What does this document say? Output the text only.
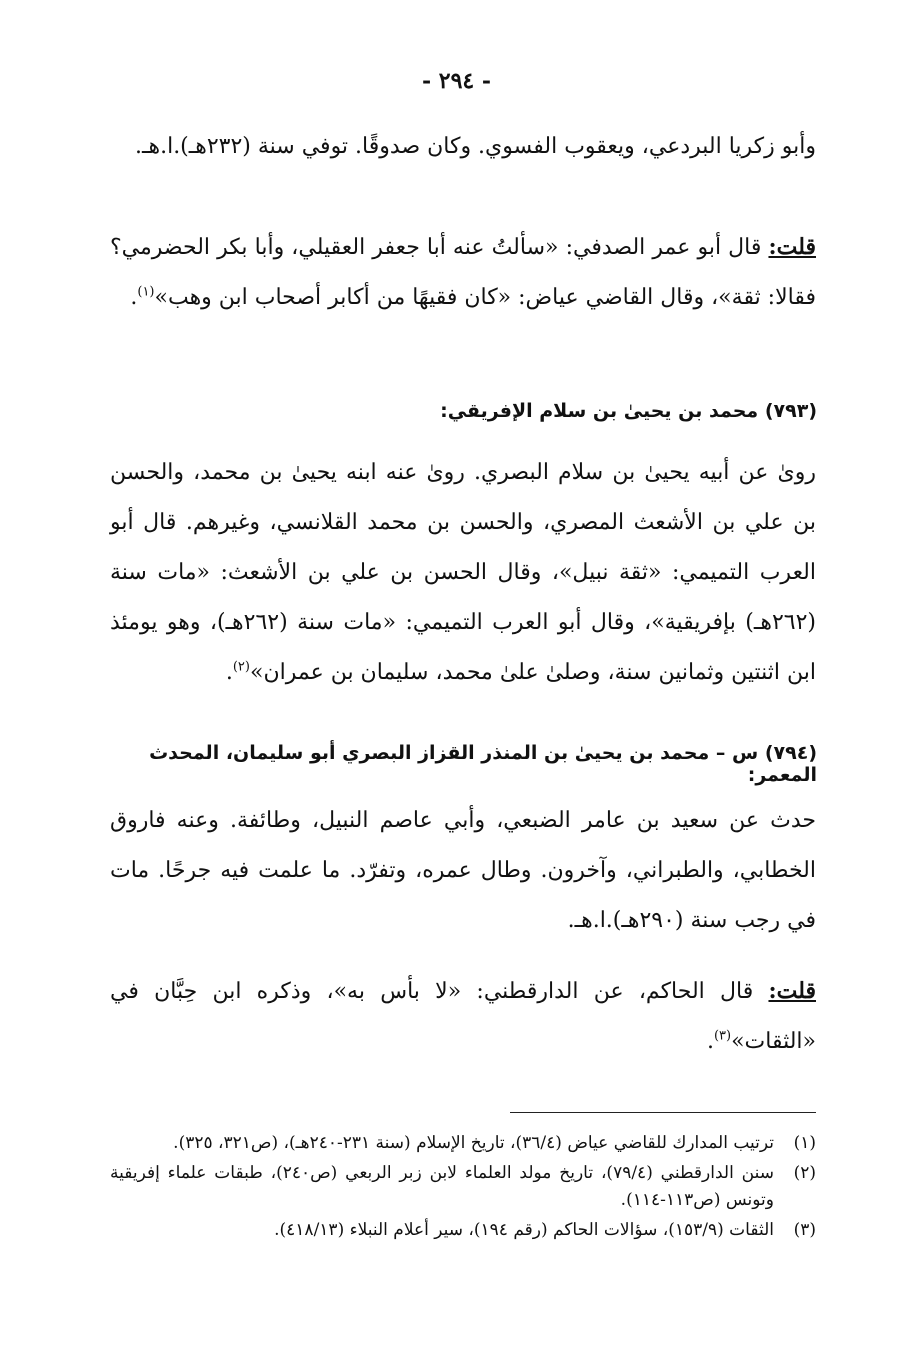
- ٢٩٤ -
وأبو زكريا البردعي، ويعقوب الفسوي. وكان صدوقًا. توفي سنة (٢٣٢هـ).ا.هـ.
قلت: قال أبو عمر الصدفي: «سألتُ عنه أبا جعفر العقيلي، وأبا بكر الحضرمي؟ فقالا: ثقة»، وقال القاضي عياض: «كان فقيهًا من أكابر أصحاب ابن وهب»$^{(١)}$.
(٧٩٣) محمد بن يحيىٰ بن سلام الإفريقي:
رویٰ عن أبيه يحيىٰ بن سلام البصري. رویٰ عنه ابنه يحيىٰ بن محمد، والحسن بن علي بن الأشعث المصري، والحسن بن محمد القلانسي، وغيرهم. قال أبو العرب التميمي: «ثقة نبيل»، وقال الحسن بن علي بن الأشعث: «مات سنة (٢٦٢هـ) بإفريقية»، وقال أبو العرب التميمي: «مات سنة (٢٦٢هـ)، وهو يومئذ ابن اثنتين وثمانين سنة، وصلىٰ علىٰ محمد، سليمان بن عمران»$^{(٢)}$.
(٧٩٤) س – محمد بن يحيىٰ بن المنذر القزاز البصري أبو سليمان، المحدث المعمر:
حدث عن سعيد بن عامر الضبعي، وأبي عاصم النبيل، وطائفة. وعنه فاروق الخطابي، والطبراني، وآخرون. وطال عمره، وتفرّد. ما علمت فيه جرحًا. مات في رجب سنة (٢٩٠هـ).ا.هـ.
قلت: قال الحاكم، عن الدارقطني: «لا بأس به»، وذكره ابن حِبَّان في «الثقات»$^{(٣)}$.
(١)
ترتيب المدارك للقاضي عياض (٣٦/٤)، تاريخ الإسلام (سنة ٢٣١-٢٤٠هـ)، (ص٣٢١، ٣٢٥).
(٢)
سنن الدارقطني (٧٩/٤)، تاريخ مولد العلماء لابن زبر الربعي (ص٢٤٠)، طبقات علماء إفريقية وتونس (ص١١٣-١١٤).
(٣)
الثقات (١٥٣/٩)، سؤالات الحاكم (رقم ١٩٤)، سير أعلام النبلاء (٤١٨/١٣).
